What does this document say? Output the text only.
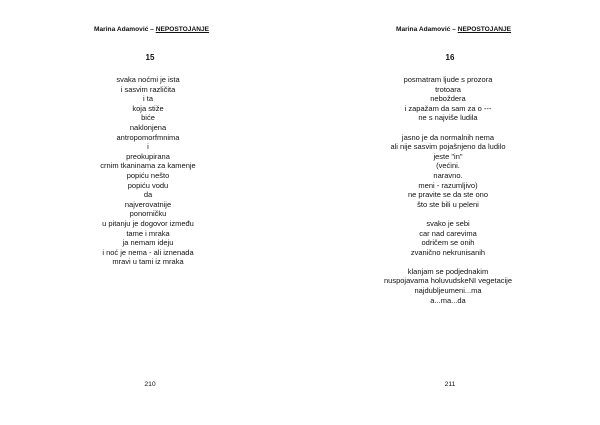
Marina Adamović – NEPOSTOJANJE
15
svaka noćmi je ista
i sasvim različita
i ta
koja stiže
biće
naklonjena
antropomorfmnima
i
preokupirana
crnim tkaninama za kamenje
popiću nešto
popiću vodu
da
najverovatnije
ponorničku
u pitanju je dogovor između
tame i mraka
ja nemam ideju
i noć je nema - ali iznenada
mravi u tami iz mraka
210
Marina Adamović – NEPOSTOJANJE
16
posmatram ljude s prozora
trotoara
neboždera
i zapažam da sam za o ---
ne s najviše ludila
jasno je da normalnih nema
ali nije sasvim pojašnjeno da ludilo
jeste "in"
(većini.
naravno.
meni - razumljivo)
ne pravite se da ste ono
što ste bili u peleni
svako je sebi
car nad carevima
odričem se onih
zvanično nekrunisanih
klanjam se podjednakim
nuspojavama holuvudskeNI vegetacije
najdubljeumeni...ma
a...ma...da
211
